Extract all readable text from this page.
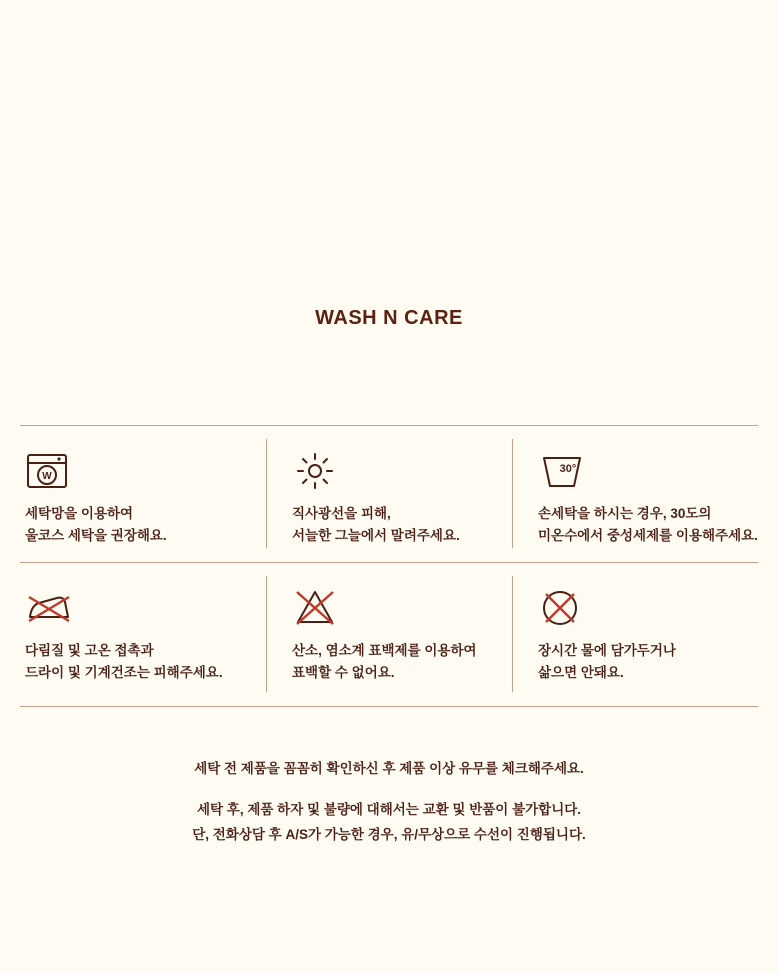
WASH N CARE
W
세탁망을 이용하여
울코스 세탁을 권장해요.
직사광선을 피해,
서늘한 그늘에서 말려주세요.
30°
손세탁을 하시는 경우, 30도의
미온수에서 중성세제를 이용해주세요.
다림질 및 고온 접촉과
드라이 및 기계건조는 피해주세요.
산소, 염소계 표백제를 이용하여
표백할 수 없어요.
장시간 물에 담가두거나
삶으면 안돼요.
세탁 전 제품을 꼼꼼히 확인하신 후 제품 이상 유무를 체크해주세요.
세탁 후, 제품 하자 및 불량에 대해서는 교환 및 반품이 불가합니다.
단, 전화상담 후 A/S가 가능한 경우, 유/무상으로 수선이 진행됩니다.
